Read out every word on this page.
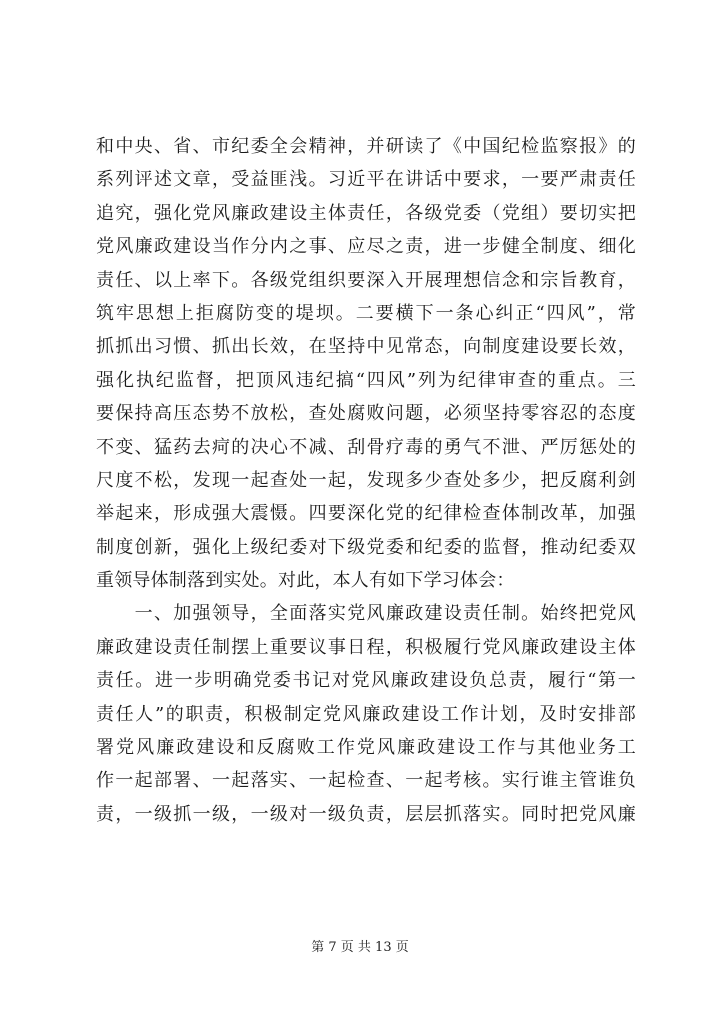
和中央、省、市纪委全会精神，并研读了《中国纪检监察报》的
系列评述文章，受益匪浅。习近平在讲话中要求，一要严肃责任
追究，强化党风廉政建设主体责任，各级党委（党组）要切实把
党风廉政建设当作分内之事、应尽之责，进一步健全制度、细化
责任、以上率下。各级党组织要深入开展理想信念和宗旨教育，
筑牢思想上拒腐防变的堤坝。二要横下一条心纠正“四风”，常
抓抓出习惯、抓出长效，在坚持中见常态，向制度建设要长效，
强化执纪监督，把顶风违纪搞“四风”列为纪律审查的重点。三
要保持高压态势不放松，查处腐败问题，必须坚持零容忍的态度
不变、猛药去疴的决心不减、刮骨疗毒的勇气不泄、严厉惩处的
尺度不松，发现一起查处一起，发现多少查处多少，把反腐利剑
举起来，形成强大震慑。四要深化党的纪律检查体制改革，加强
制度创新，强化上级纪委对下级党委和纪委的监督，推动纪委双
重领导体制落到实处。对此，本人有如下学习体会：
　　一、加强领导，全面落实党风廉政建设责任制。始终把党风
廉政建设责任制摆上重要议事日程，积极履行党风廉政建设主体
责任。进一步明确党委书记对党风廉政建设负总责，履行“第一
责任人”的职责，积极制定党风廉政建设工作计划，及时安排部
署党风廉政建设和反腐败工作党风廉政建设工作与其他业务工
作一起部署、一起落实、一起检查、一起考核。实行谁主管谁负
责，一级抓一级，一级对一级负责，层层抓落实。同时把党风廉
第 7 页 共 13 页
